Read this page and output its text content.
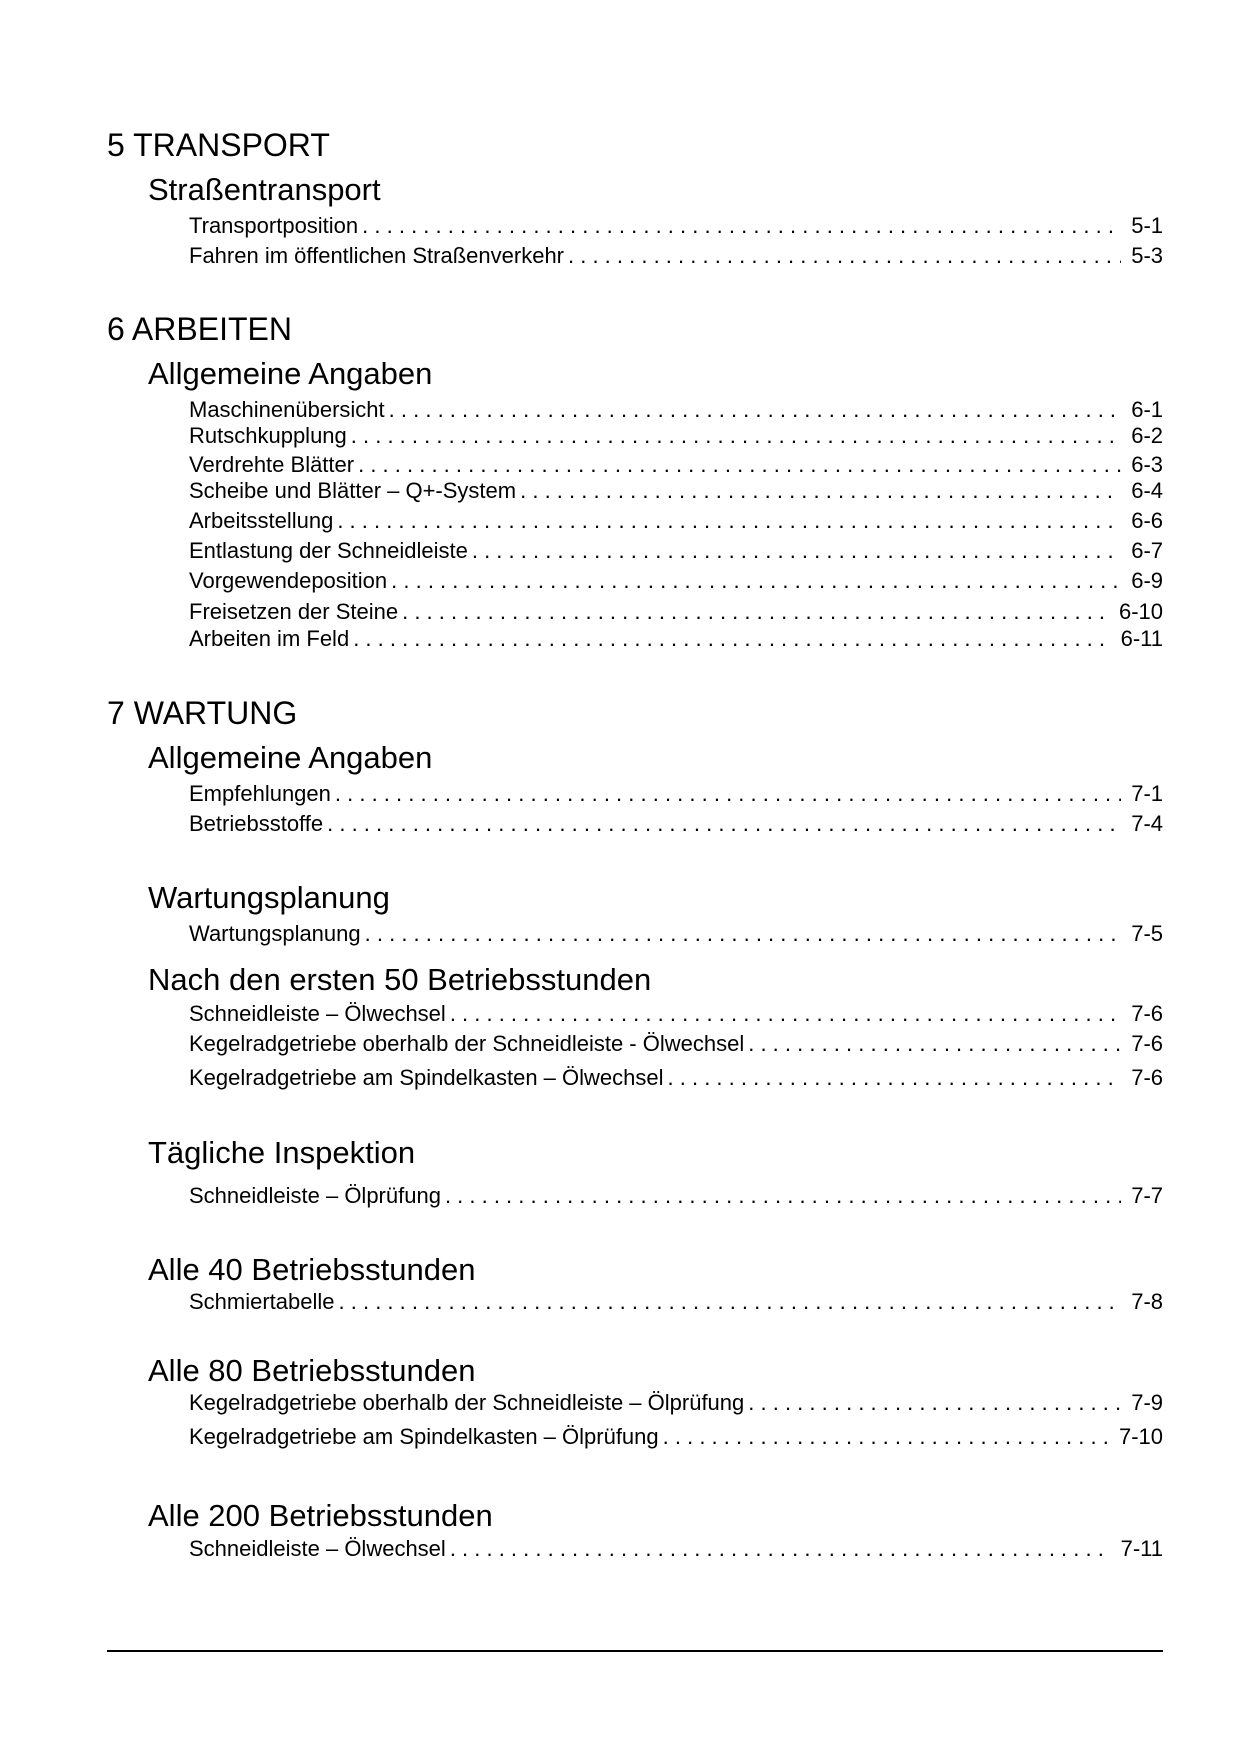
5 TRANSPORT
Straßentransport
Transportposition . . .	5-1
Fahren im öffentlichen Straßenverkehr . . .	5-3
6 ARBEITEN
Allgemeine Angaben
Maschinenübersicht . . .	6-1
Rutschkupplung . . .	6-2
Verdrehte Blätter . . .	6-3
Scheibe und Blätter – Q+-System . . .	6-4
Arbeitsstellung . . .	6-6
Entlastung der Schneidleiste . . .	6-7
Vorgewendeposition . . .	6-9
Freisetzen der Steine . . .	6-10
Arbeiten im Feld . . .	6-11
7 WARTUNG
Allgemeine Angaben
Empfehlungen . . .	7-1
Betriebsstoffe . . .	7-4
Wartungsplanung
Wartungsplanung . . .	7-5
Nach den ersten 50 Betriebsstunden
Schneidleiste – Ölwechsel . . .	7-6
Kegelradgetriebe oberhalb der Schneidleiste - Ölwechsel . . .	7-6
Kegelradgetriebe am Spindelkasten – Ölwechsel . . .	7-6
Tägliche Inspektion
Schneidleiste – Ölprüfung . . .	7-7
Alle 40 Betriebsstunden
Schmiertabelle . . .	7-8
Alle 80 Betriebsstunden
Kegelradgetriebe oberhalb der Schneidleiste – Ölprüfung . . .	7-9
Kegelradgetriebe am Spindelkasten – Ölprüfung . . .	7-10
Alle 200 Betriebsstunden
Schneidleiste – Ölwechsel . . .	7-11
